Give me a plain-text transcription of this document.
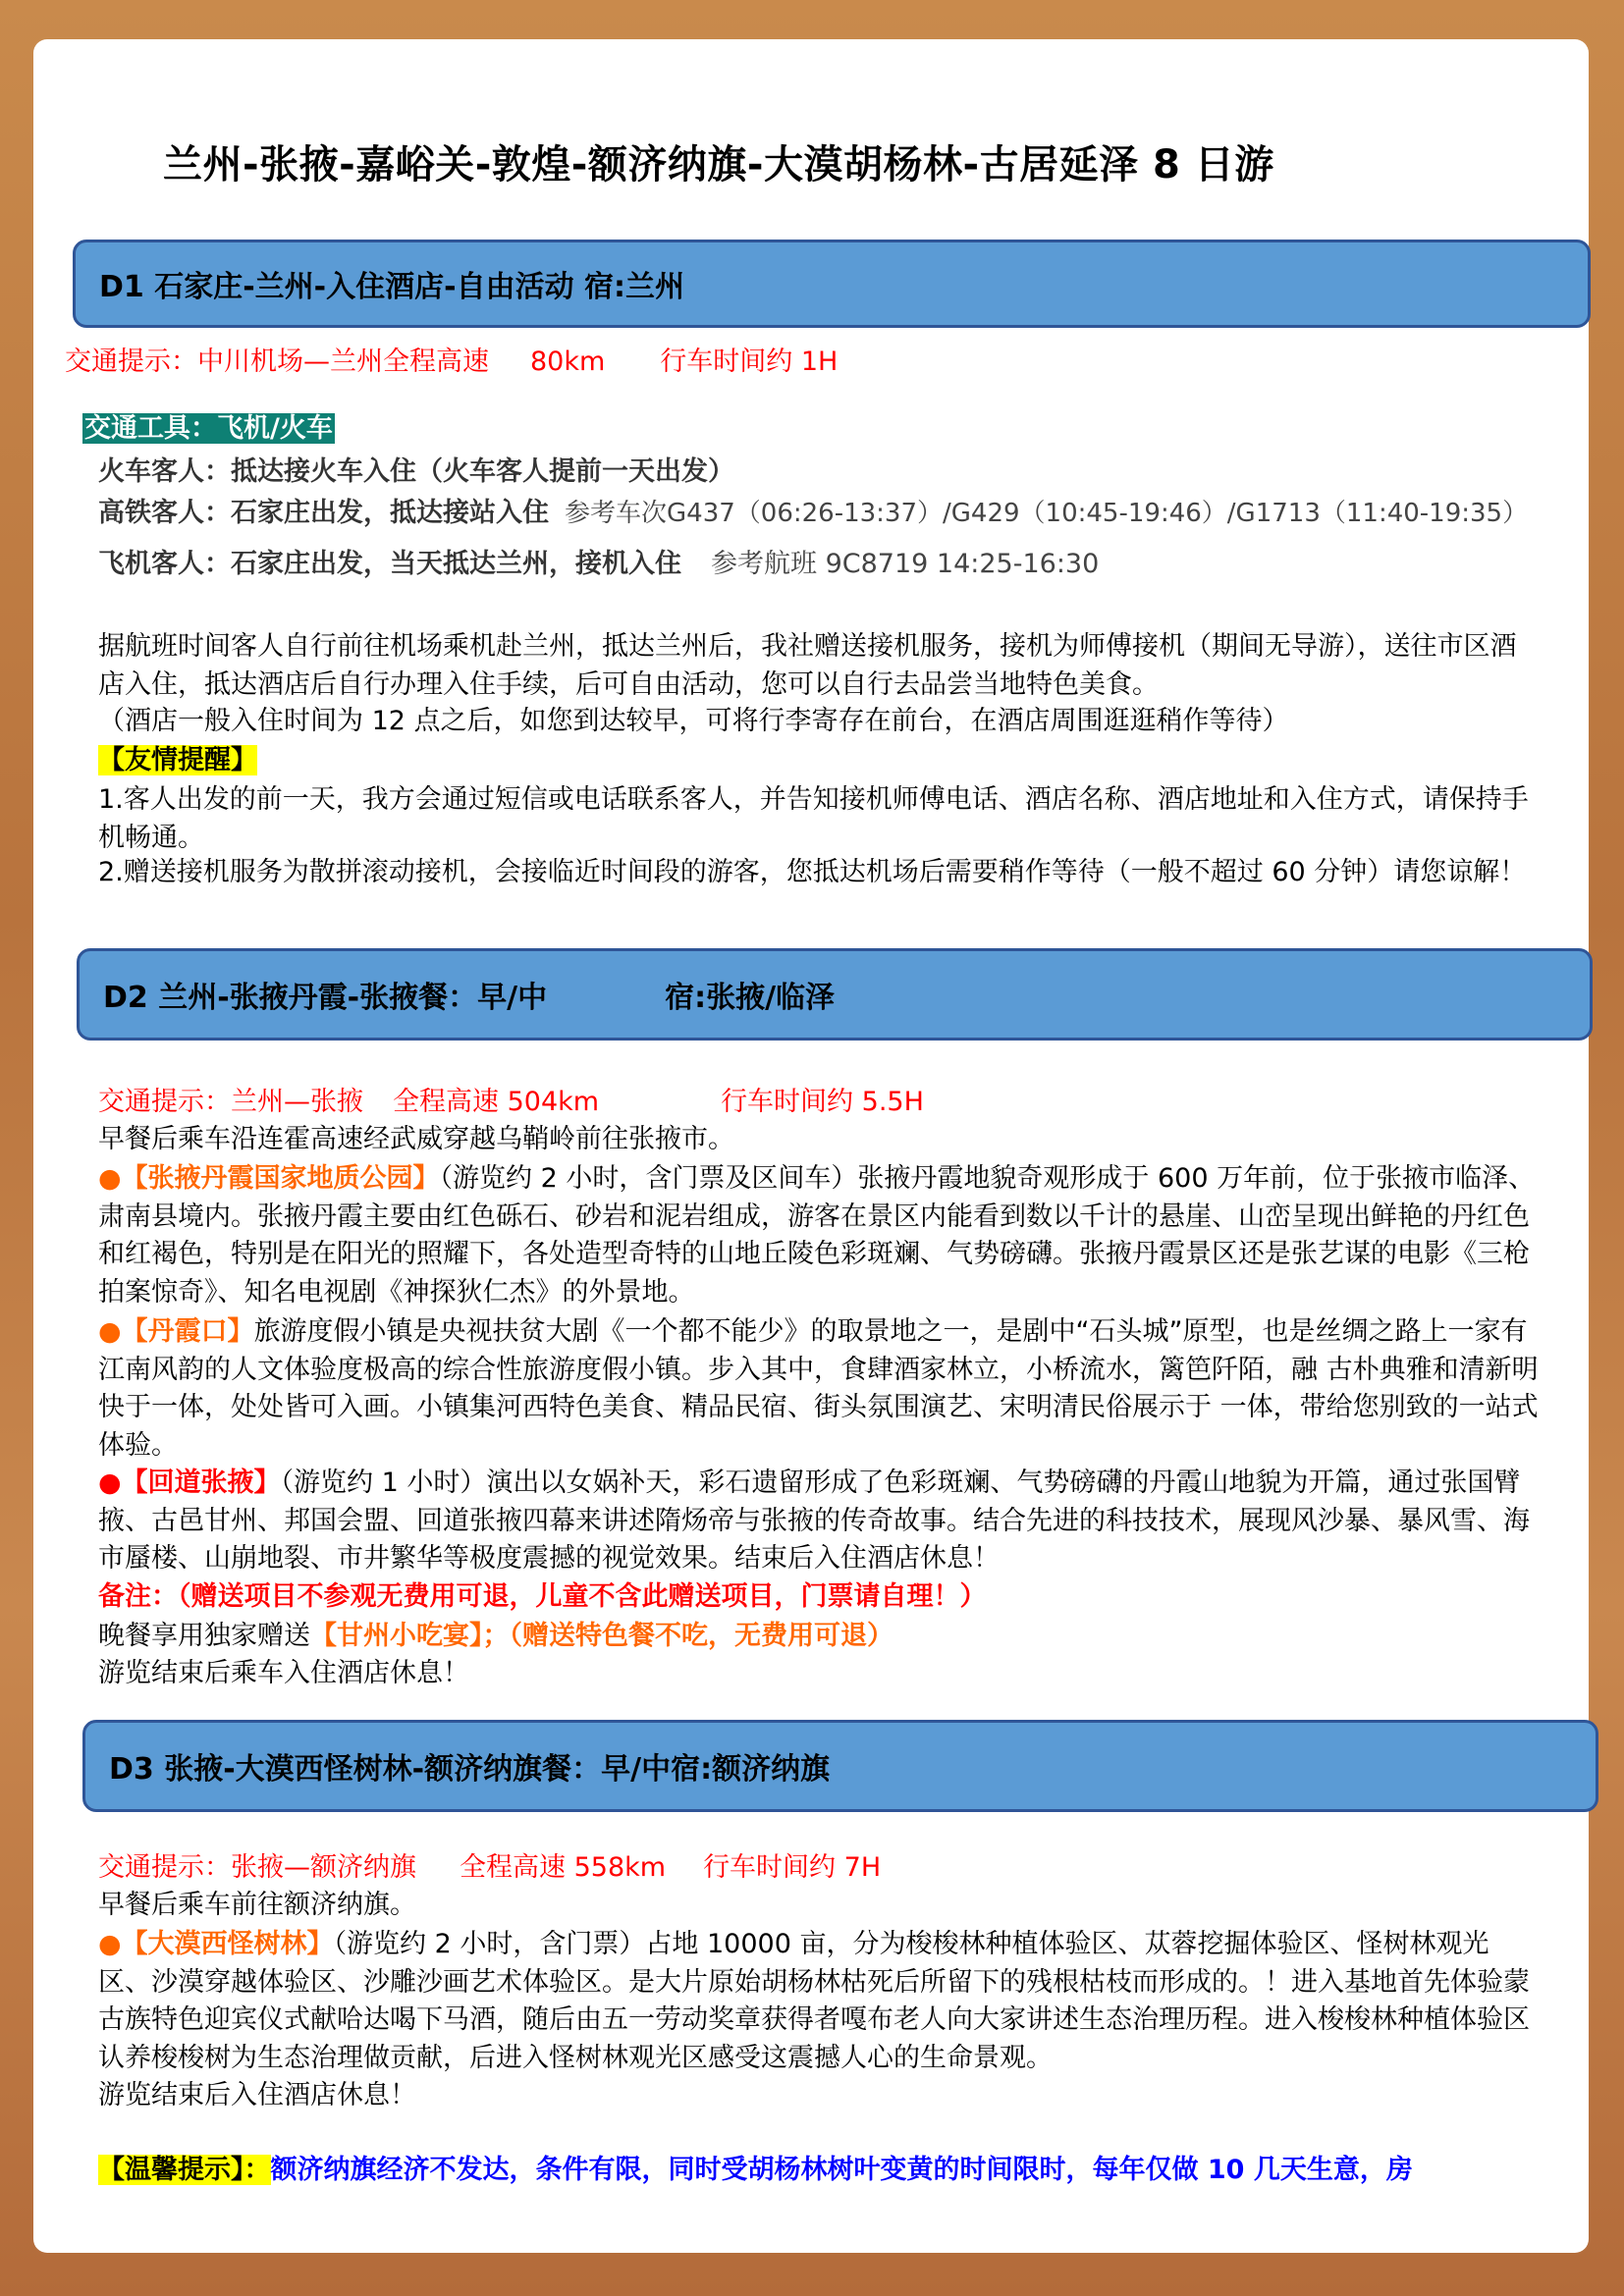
兰州-张掖-嘉峪关-敦煌-额济纳旗-大漠胡杨林-古居延泽 8 日游
D1 石家庄-兰州-入住酒店-自由活动 宿:兰州
交通提示：中川机场—兰州全程高速 80km 行车时间约 1H
交通工具：飞机/火车
火车客人：抵达接火车入住（火车客人提前一天出发）
高铁客人：石家庄出发，抵达接站入住 参考车次G437（06:26-13:37）/G429（10:45-19:46）/G1713（11:40-19:35）
飞机客人：石家庄出发，当天抵达兰州，接机入住 参考航班 9C8719 14:25-16:30
据航班时间客人自行前往机场乘机赴兰州，抵达兰州后，我社赠送接机服务，接机为师傅接机（期间无导游），送往市区酒店入住，抵达酒店后自行办理入住手续，后可自由活动，您可以自行去品尝当地特色美食。
（酒店一般入住时间为 12 点之后，如您到达较早，可将行李寄存在前台，在酒店周围逛逛稍作等待）
【友情提醒】
1.客人出发的前一天，我方会通过短信或电话联系客人，并告知接机师傅电话、酒店名称、酒店地址和入住方式，请保持手机畅通。
2.赠送接机服务为散拼滚动接机，会接临近时间段的游客，您抵达机场后需要稍作等待（一般不超过 60 分钟）请您谅解！
D2 兰州-张掖丹霞-张掖餐：早/中	宿:张掖/临泽
交通提示：兰州—张掖 全程高速 504km	行车时间约 5.5H
早餐后乘车沿连霍高速经武威穿越乌鞘岭前往张掖市。
●【张掖丹霞国家地质公园】（游览约 2 小时，含门票及区间车）张掖丹霞地貌奇观形成于 600 万年前，位于张掖市临泽、肃南县境内。张掖丹霞主要由红色砾石、砂岩和泥岩组成，游客在景区内能看到数以千计的悬崖、山峦呈现出鲜艳的丹红色和红褐色，特别是在阳光的照耀下，各处造型奇特的山地丘陵色彩斑斓、气势磅礴。张掖丹霞景区还是张艺谋的电影《三枪拍案惊奇》、知名电视剧《神探狄仁杰》的外景地。
●【丹霞口】旅游度假小镇是央视扶贫大剧《一个都不能少》的取景地之一，是剧中“石头城”原型，也是丝绸之路上一家有江南风韵的人文体验度极高的综合性旅游度假小镇。步入其中，食肆酒家林立，小桥流水，篱笆阡陌，融 古朴典雅和清新明快于一体，处处皆可入画。小镇集河西特色美食、精品民宿、街头氛围演艺、宋明清民俗展示于 一体，带给您别致的一站式体验。
●【回道张掖】（游览约 1 小时）演出以女娲补天，彩石遗留形成了色彩斑斓、气势磅礴的丹霞山地貌为开篇，通过张国臂掖、古邑甘州、邦国会盟、回道张掖四幕来讲述隋炀帝与张掖的传奇故事。结合先进的科技技术，展现风沙暴、暴风雪、海市蜃楼、山崩地裂、市井繁华等极度震撼的视觉效果。结束后入住酒店休息！
备注：（赠送项目不参观无费用可退，儿童不含此赠送项目，门票请自理！）
晚餐享用独家赠送【甘州小吃宴】；（赠送特色餐不吃，无费用可退）
游览结束后乘车入住酒店休息！
D3 张掖-大漠西怪树林-额济纳旗餐：早/中宿:额济纳旗
交通提示：张掖—额济纳旗 全程高速 558km 行车时间约 7H
早餐后乘车前往额济纳旗。
●【大漠西怪树林】（游览约 2 小时，含门票）占地 10000 亩，分为梭梭林种植体验区、苁蓉挖掘体验区、怪树林观光区、沙漠穿越体验区、沙雕沙画艺术体验区。是大片原始胡杨林枯死后所留下的残根枯枝而形成的。！进入基地首先体验蒙古族特色迎宾仪式献哈达喝下马酒，随后由五一劳动奖章获得者嘎布老人向大家讲述生态治理历程。进入梭梭林种植体验区认养梭梭树为生态治理做贡献，后进入怪树林观光区感受这震撼人心的生命景观。
游览结束后入住酒店休息！
【温馨提示】：额济纳旗经济不发达，条件有限，同时受胡杨林树叶变黄的时间限时，每年仅做 10 几天生意，房
